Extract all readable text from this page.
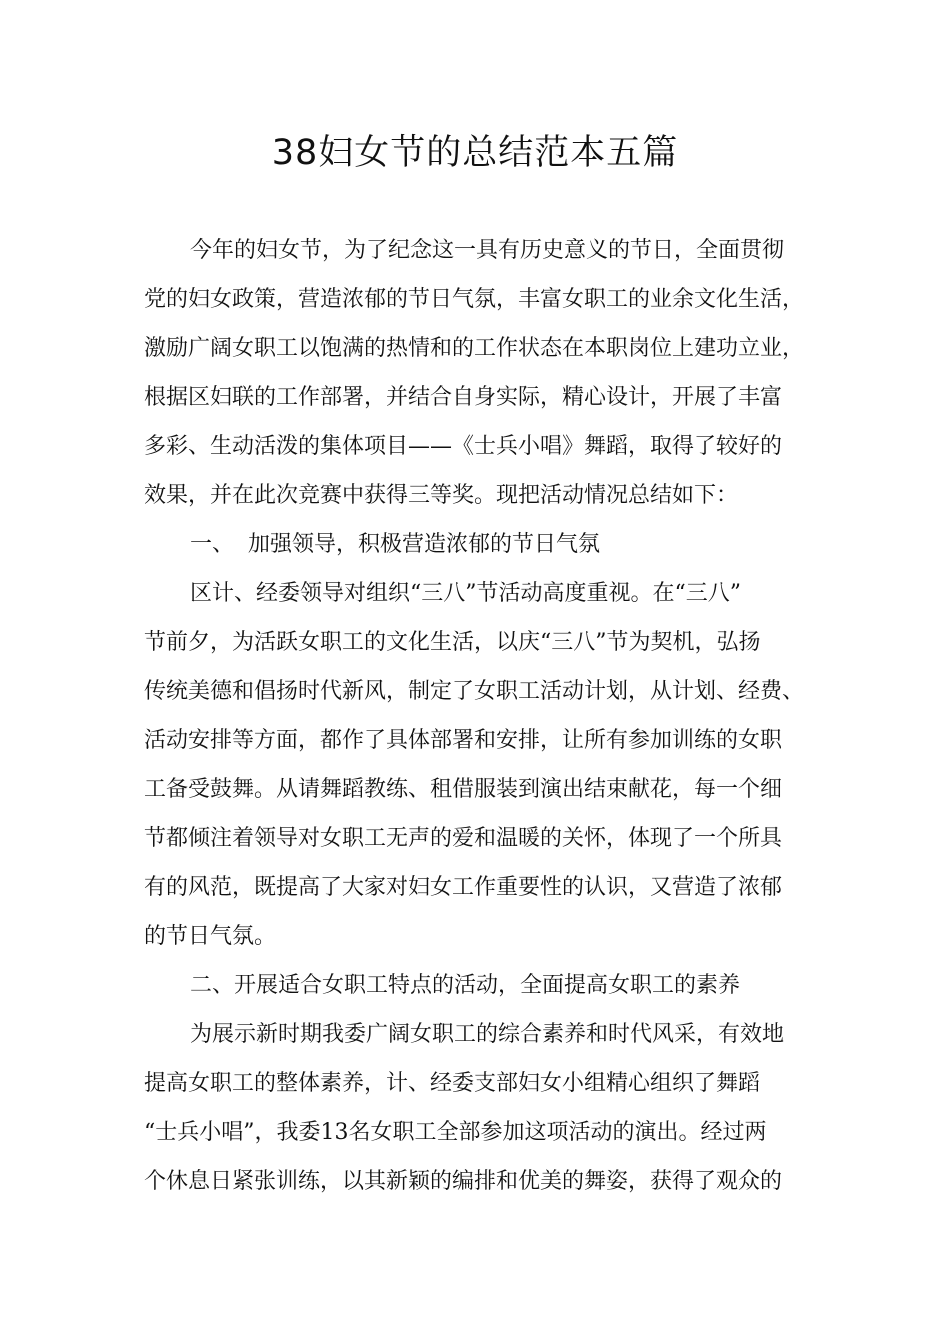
38妇女节的总结范本五篇
今年的妇女节，为了纪念这一具有历史意义的节日，全面贯彻
党的妇女政策，营造浓郁的节日气氛，丰富女职工的业余文化生活，
激励广阔女职工以饱满的热情和的工作状态在本职岗位上建功立业，
根据区妇联的工作部署，并结合自身实际，精心设计，开展了丰富
多彩、生动活泼的集体项目——《士兵小唱》舞蹈，取得了较好的
效果，并在此次竞赛中获得三等奖。现把活动情况总结如下：
一、  加强领导，积极营造浓郁的节日气氛
区计、经委领导对组织“三八”节活动高度重视。在“三八”
节前夕，为活跃女职工的文化生活，以庆“三八”节为契机，弘扬
传统美德和倡扬时代新风，制定了女职工活动计划，从计划、经费、
活动安排等方面，都作了具体部署和安排，让所有参加训练的女职
工备受鼓舞。从请舞蹈教练、租借服装到演出结束献花，每一个细
节都倾注着领导对女职工无声的爱和温暖的关怀，体现了一个所具
有的风范，既提高了大家对妇女工作重要性的认识，又营造了浓郁
的节日气氛。
二、开展适合女职工特点的活动，全面提高女职工的素养
为展示新时期我委广阔女职工的综合素养和时代风采，有效地
提高女职工的整体素养，计、经委支部妇女小组精心组织了舞蹈
“士兵小唱”，我委13名女职工全部参加这项活动的演出。经过两
个休息日紧张训练，以其新颖的编排和优美的舞姿，获得了观众的
